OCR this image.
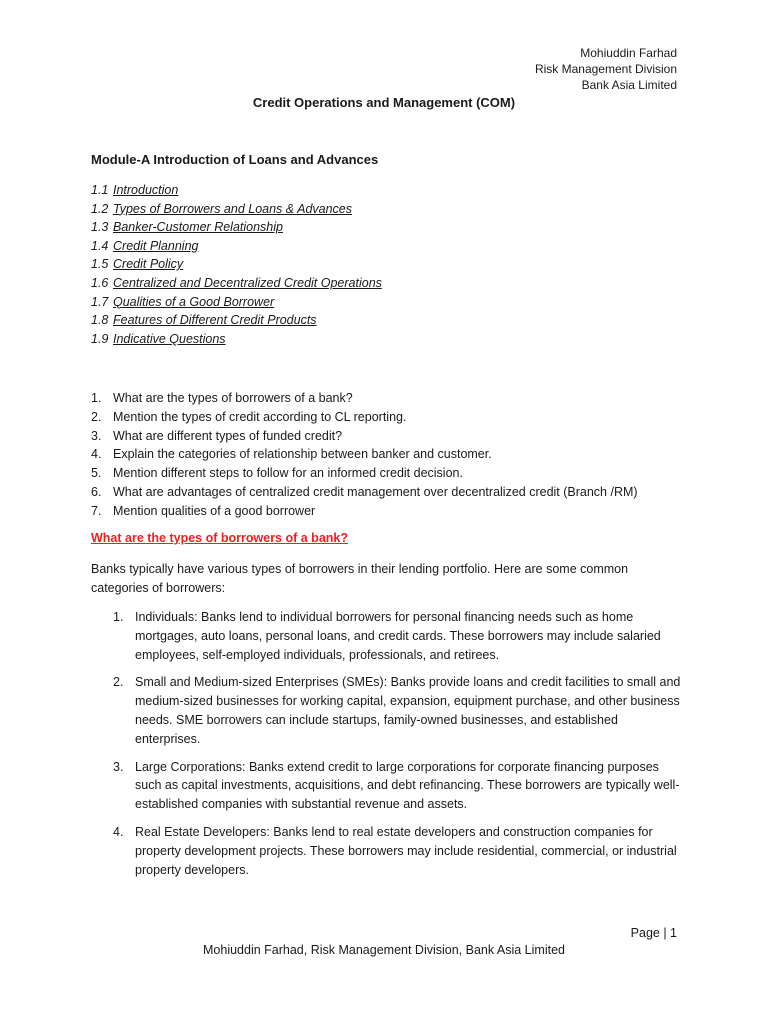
Mohiuddin Farhad
Risk Management Division
Bank Asia Limited
Credit Operations and Management (COM)
Module-A Introduction of Loans and Advances
1.1 Introduction
1.2 Types of Borrowers and Loans & Advances
1.3 Banker-Customer Relationship
1.4 Credit Planning
1.5 Credit Policy
1.6 Centralized and Decentralized Credit Operations
1.7 Qualities of a Good Borrower
1.8 Features of Different Credit Products
1.9 Indicative Questions
1. What are the types of borrowers of a bank?
2. Mention the types of credit according to CL reporting.
3. What are different types of funded credit?
4. Explain the categories of relationship between banker and customer.
5. Mention different steps to follow for an informed credit decision.
6. What are advantages of centralized credit management over decentralized credit (Branch /RM)
7. Mention qualities of a good borrower
What are the types of borrowers of a bank?

Banks typically have various types of borrowers in their lending portfolio. Here are some common categories of borrowers:

1. Individuals: Banks lend to individual borrowers for personal financing needs such as home mortgages, auto loans, personal loans, and credit cards. These borrowers may include salaried employees, self-employed individuals, professionals, and retirees.
2. Small and Medium-sized Enterprises (SMEs): Banks provide loans and credit facilities to small and medium-sized businesses for working capital, expansion, equipment purchase, and other business needs. SME borrowers can include startups, family-owned businesses, and established enterprises.
3. Large Corporations: Banks extend credit to large corporations for corporate financing purposes such as capital investments, acquisitions, and debt refinancing. These borrowers are typically well-established companies with substantial revenue and assets.
4. Real Estate Developers: Banks lend to real estate developers and construction companies for property development projects. These borrowers may include residential, commercial, or industrial property developers.
Page | 1
Mohiuddin Farhad, Risk Management Division, Bank Asia Limited
